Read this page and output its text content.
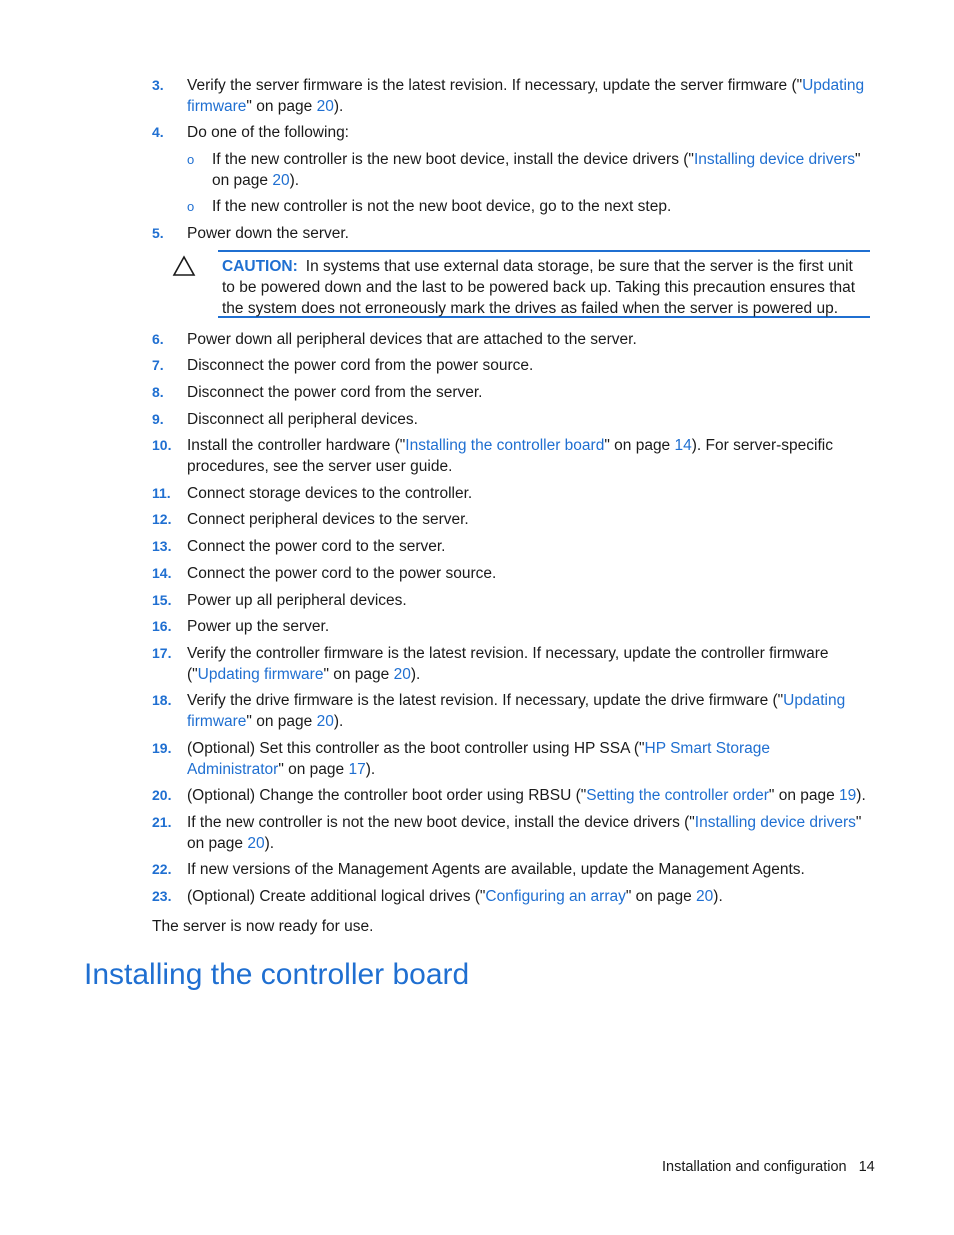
3.	Verify the server firmware is the latest revision. If necessary, update the server firmware ("Updating firmware" on page 20).
4.	Do one of the following:
5.	Power down the server.
6.	Power down all peripheral devices that are attached to the server.
7.	Disconnect the power cord from the power source.
8.	Disconnect the power cord from the server.
9.	Disconnect all peripheral devices.
10.	Install the controller hardware ("Installing the controller board" on page 14). For server-specific procedures, see the server user guide.
11.	Connect storage devices to the controller.
12.	Connect peripheral devices to the server.
13.	Connect the power cord to the server.
14.	Connect the power cord to the power source.
15.	Power up all peripheral devices.
16.	Power up the server.
17.	Verify the controller firmware is the latest revision. If necessary, update the controller firmware ("Updating firmware" on page 20).
18.	Verify the drive firmware is the latest revision. If necessary, update the drive firmware ("Updating firmware" on page 20).
19.	(Optional) Set this controller as the boot controller using HP SSA ("HP Smart Storage Administrator" on page 17).
20.	(Optional) Change the controller boot order using RBSU ("Setting the controller order" on page 19).
21.	If the new controller is not the new boot device, install the device drivers ("Installing device drivers" on page 20).
22.	If new versions of the Management Agents are available, update the Management Agents.
23.	(Optional) Create additional logical drives ("Configuring an array" on page 20).
o If the new controller is the new boot device, install the device drivers ("Installing device drivers" on page 20).
o If the new controller is not the new boot device, go to the next step.
CAUTION: In systems that use external data storage, be sure that the server is the first unit to be powered down and the last to be powered back up. Taking this precaution ensures that the system does not erroneously mark the drives as failed when the server is powered up.
The server is now ready for use.
Installing the controller board
Installation and configuration 14
